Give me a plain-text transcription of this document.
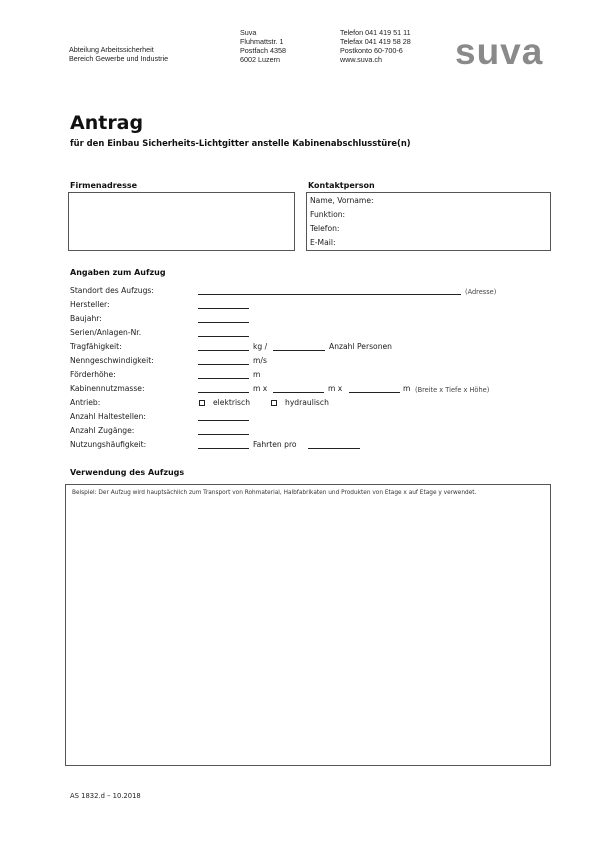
Abteilung Arbeitssicherheit
Bereich Gewerbe und Industrie
Suva
Fluhmattstr. 1
Postfach 4358
6002 Luzern
Telefon 041 419 51 11
Telefax 041 419 58 28
Postkonto 60-700-6
www.suva.ch	suva
Antrag
für den Einbau Sicherheits-Lichtgitter anstelle Kabinenabschlusstüre(n)
Firmenadresse	Kontaktperson
Name, Vorname:
Funktion:
Telefon:
E-Mail:
Angaben zum Aufzug
Standort des Aufzugs:	(Adresse)
Hersteller:
Baujahr:
Serien/Anlagen-Nr.
Tragfähigkeit:	kg /	Anzahl Personen
Nenngeschwindigkeit:	m/s
Förderhöhe:	m
Kabinennutzmasse:	m x	m x	m (Breite x Tiefe x Höhe)
Antrieb:	elektrisch	hydraulisch
Anzahl Haltestellen:
Anzahl Zugänge:
Nutzungshäufigkeit:	Fahrten pro
Verwendung des Aufzugs
Beispiel: Der Aufzug wird hauptsächlich zum Transport von Rohmaterial, Halbfabrikaten und Produkten von Etage x auf Etage y verwendet.
AS 1832.d – 10.2018
